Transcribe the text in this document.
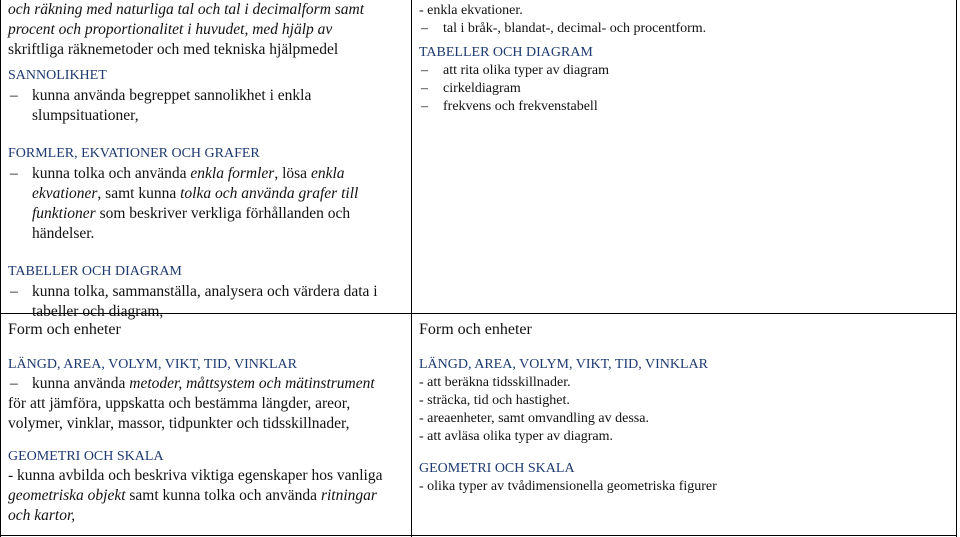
och räkning med naturliga tal och tal i decimalform samt

procent och proportionalitet i huvudet, med hjälp av

skriftliga räknemetoder och med tekniska hjälpmedel

SANNOLIKHET

– kunna använda begreppet sannolikhet i enkla

slumpsituationer,

FORMLER, EKVATIONER OCH GRAFER

– kunna tolka och använda enkla formler, lösa enkla

ekvationer, samt kunna tolka och använda grafer till

funktioner som beskriver verkliga förhållanden och

händelser.

TABELLER OCH DIAGRAM

– kunna tolka, sammanställa, analysera och värdera data i

tabeller och diagram,

- enkla ekvationer.

– tal i bråk-, blandat-, decimal- och procentform.

TABELLER OCH DIAGRAM

– att rita olika typer av diagram

– cirkeldiagram

– frekvens och frekvenstabell

Form och enheter

LÄNGD, AREA, VOLYM, VIKT, TID, VINKLAR

– kunna använda metoder, måttsystem och mätinstrument

för att jämföra, uppskatta och bestämma längder, areor,

volymer, vinklar, massor, tidpunkter och tidsskillnader,

GEOMETRI OCH SKALA

- kunna avbilda och beskriva viktiga egenskaper hos vanliga

geometriska objekt samt kunna tolka och använda ritningar

och kartor,

Form och enheter

LÄNGD, AREA, VOLYM, VIKT, TID, VINKLAR

- att beräkna tidsskillnader.

- sträcka, tid och hastighet.

- areaenheter, samt omvandling av dessa.

- att avläsa olika typer av diagram.

GEOMETRI OCH SKALA

- olika typer av tvådimensionella geometriska figurer
